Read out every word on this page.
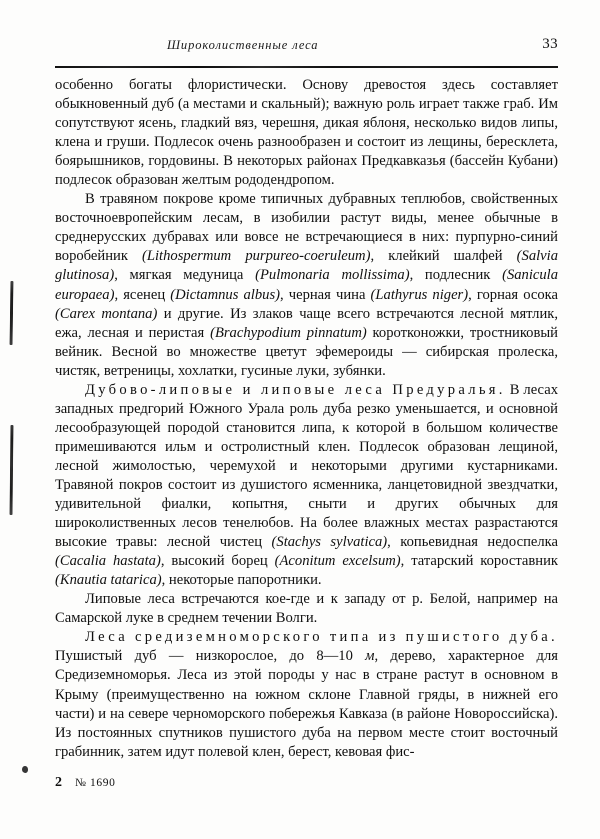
Широколиственные леса	33

особенно богаты флористически. Основу древостоя здесь составляет обыкновенный дуб (а местами и скальный); важную роль играет также граб. Им сопутствуют ясень, гладкий вяз, черешня, дикая яблоня, несколько видов липы, клена и груши. Подлесок очень разнообразен и состоит из лещины, бересклета, боярышников, гордовины. В некоторых районах Предкавказья (бассейн Кубани) подлесок образован желтым рододендропом.

В травяном покрове кроме типичных дубравных теплюбов, свойственных восточноевропейским лесам, в изобилии растут виды, менее обычные в среднерусских дубравах или вовсе не встречающиеся в них: пурпурно-синий воробейник (Lithospermum purpureo-coeruleum), клейкий шалфей (Salvia glutinosa), мягкая медуница (Pulmonaria mollissima), подлесник (Sanicula europaea), ясенец (Dictamnus albus), черная чина (Lathyrus niger), горная осока (Carex montana) и другие. Из злаков чаще всего встречаются лесной мятлик, ежа, лесная и перистая (Brachypodium pinnatum) коротконожки, тростниковый вейник. Весной во множестве цветут эфемероиды — сибирская пролеска, чистяк, ветреницы, хохлатки, гусиные луки, зубянки.

Дубово-липовые и липовые леса Предуралья. В лесах западных предгорий Южного Урала роль дуба резко уменьшается, и основной лесообразующей породой становится липа, к которой в большом количестве примешиваются ильм и остролистный клен. Подлесок образован лещиной, лесной жимолостью, черемухой и некоторыми другими кустарниками. Травяной покров состоит из душистого ясменника, ланцетовидной звездчатки, удивительной фиалки, копытня, сныти и других обычных для широколиственных лесов тенелюбов. На более влажных местах разрастаются высокие травы: лесной чистец (Stachys sylvatica), копьевидная недоспелка (Cacalia hastata), высокий борец (Aconitum excelsum), татарский короставник (Knautia tatarica), некоторые папоротники.

Липовые леса встречаются кое-где и к западу от р. Белой, например на Самарской луке в среднем течении Волги.

Леса средиземноморского типа из пушистого дуба. Пушистый дуб — низкорослое, до 8—10 м, дерево, характерное для Средиземноморья. Леса из этой породы у нас в стране растут в основном в Крыму (преимущественно на южном склоне Главной гряды, в нижней его части) и на севере черноморского побережья Кавказа (в районе Новороссийска). Из постоянных спутников пушистого дуба на первом месте стоит восточный грабинник, затем идут полевой клен, берест, кевовая фис-

2 № 1690
